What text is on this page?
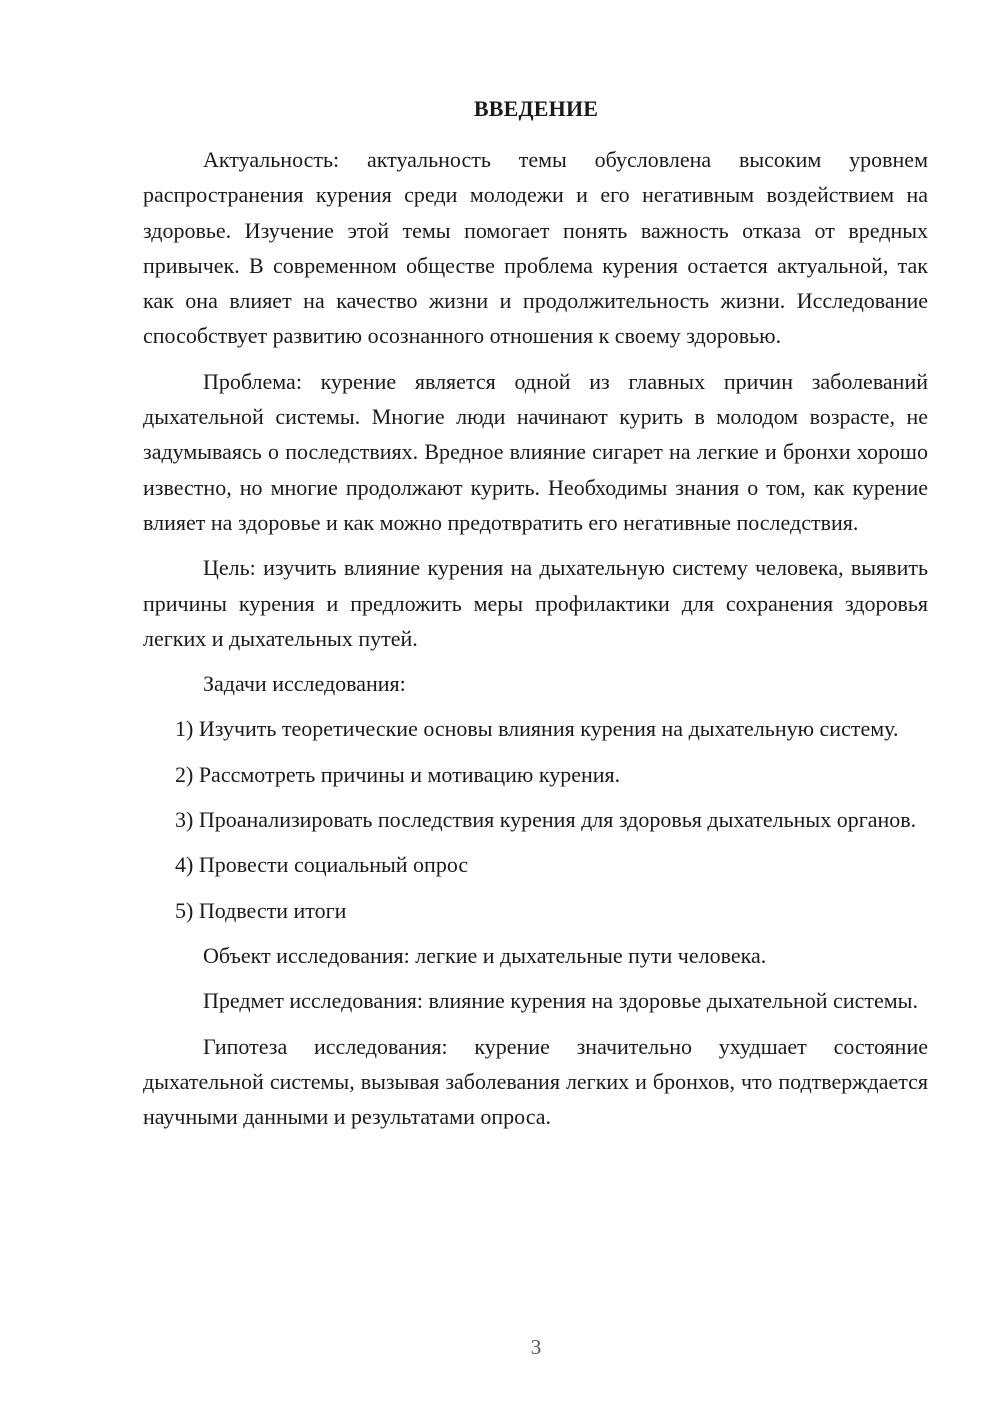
ВВЕДЕНИЕ

Актуальность: актуальность темы обусловлена высоким уровнем распространения курения среди молодежи и его негативным воздействием на здоровье. Изучение этой темы помогает понять важность отказа от вредных привычек. В современном обществе проблема курения остается актуальной, так как она влияет на качество жизни и продолжительность жизни. Исследование способствует развитию осознанного отношения к своему здоровью.

Проблема: курение является одной из главных причин заболеваний дыхательной системы. Многие люди начинают курить в молодом возрасте, не задумываясь о последствиях. Вредное влияние сигарет на легкие и бронхи хорошо известно, но многие продолжают курить. Необходимы знания о том, как курение влияет на здоровье и как можно предотвратить его негативные последствия.

Цель: изучить влияние курения на дыхательную систему человека, выявить причины курения и предложить меры профилактики для сохранения здоровья легких и дыхательных путей.

Задачи исследования:

1) Изучить теоретические основы влияния курения на дыхательную систему.

2) Рассмотреть причины и мотивацию курения.

3) Проанализировать последствия курения для здоровья дыхательных органов.

4) Провести социальный опрос

5) Подвести итоги

Объект исследования: легкие и дыхательные пути человека.

Предмет исследования: влияние курения на здоровье дыхательной системы.

Гипотеза исследования: курение значительно ухудшает состояние дыхательной системы, вызывая заболевания легких и бронхов, что подтверждается научными данными и результатами опроса.

3
